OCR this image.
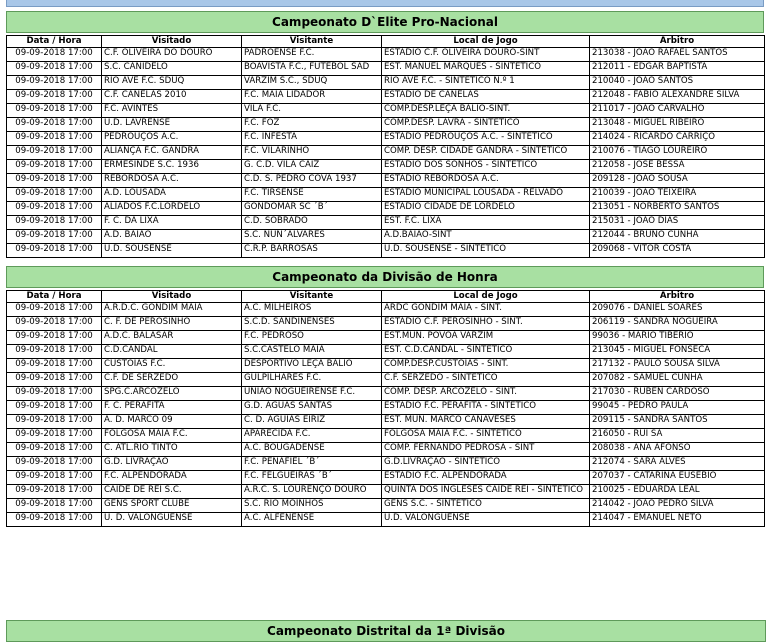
Campeonato D`Elite Pro-Nacional
Data / Hora	Visitado	Visitante	Local de Jogo	Árbitro
09-09-2018 17:00	C.F. OLIVEIRA DO DOURO	PADROENSE F.C.	ESTÁDIO C.F. OLIVEIRA DOURO-SINT	213038 - JOÃO RAFAEL SANTOS
09-09-2018 17:00	S.C. CANIDELO	BOAVISTA F.C., FUTEBOL SAD	EST. MANUEL MARQUES - SINTETICO	212011 - EDGAR BAPTISTA
09-09-2018 17:00	RIO AVE F.C. SDUQ	VARZIM S.C., SDUQ	RIO AVE F.C. - SINTETICO N.º 1	210040 - JOAO SANTOS
09-09-2018 17:00	C.F. CANELAS 2010	F.C. MAIA LIDADOR	ESTÁDIO DE CANELAS	212048 - FABIO ALEXANDRE SILVA
09-09-2018 17:00	F.C. AVINTES	VILA F.C.	COMP.DESP.LEÇA BALIO-SINT.	211017 - JOAO CARVALHO
09-09-2018 17:00	U.D. LAVRENSE	F.C. FOZ	COMP.DESP. LAVRA - SINTETICO	213048 - MIGUEL RIBEIRO
09-09-2018 17:00	PEDROUÇOS A.C.	F.C. INFESTA	ESTÁDIO PEDROUÇOS A.C. - SINTETICO	214024 - RICARDO CARRIÇO
09-09-2018 17:00	ALIANÇA F.C. GANDRA	F.C. VILARINHO	COMP. DESP. CIDADE GANDRA - SINTETICO	210076 - TIAGO LOUREIRO
09-09-2018 17:00	ERMESINDE S.C. 1936	G. C.D. VILA CAIZ	ESTÁDIO DOS SONHOS - SINTETICO	212058 - JOSE BESSA
09-09-2018 17:00	REBORDOSA A.C.	C.D. S. PEDRO COVA 1937	ESTÁDIO REBORDOSA A.C.	209128 - JOAO SOUSA
09-09-2018 17:00	A.D. LOUSADA	F.C. TIRSENSE	ESTÁDIO MUNICIPAL LOUSADA - RELVADO	210039 - JOAO TEIXEIRA
09-09-2018 17:00	ALIADOS F.C.LORDELO	GONDOMAR SC ´B´	ESTÁDIO CIDADE DE LORDELO	213051 - NORBERTO SANTOS
09-09-2018 17:00	F. C. DA LIXA	C.D. SOBRADO	EST. F.C. LIXA	215031 - JOAO DIAS
09-09-2018 17:00	A.D. BAIÃO	S.C. NUN´ÁLVARES	A.D.BAIAO-SINT	212044 - BRUNO CUNHA
09-09-2018 17:00	U.D. SOUSENSE	C.R.P. BARROSAS	U.D. SOUSENSE - SINTETICO	209068 - VITOR COSTA
Campeonato da Divisão de Honra
Data / Hora	Visitado	Visitante	Local de Jogo	Árbitro
09-09-2018 17:00	A.R.D.C. GONDIM MAIA	A.C. MILHEIROS	ARDC GONDIM MAIA - SINT.	209076 - DANIEL SOARES
09-09-2018 17:00	C. F. DE PEROSINHO	S.C.D. SANDINENSES	ESTÁDIO C.F. PEROSINHO - SINT.	206119 - SANDRA NOGUEIRA
09-09-2018 17:00	A.D.C. BALASAR	F.C. PEDROSO	EST.MUN. POVOA VARZIM	99036 - MARIO TIBERIO
09-09-2018 17:00	C.D.CANDAL	S.C.CASTELO MAIA	EST. C.D.CANDAL - SINTETICO	213045 - MIGUEL FONSECA
09-09-2018 17:00	CUSTÓIAS F.C.	DESPORTIVO LEÇA BALIO	COMP.DESP.CUSTOIAS - SINT.	217132 - PAULO SOUSA SILVA
09-09-2018 17:00	C.F. DE SERZEDO	GULPILHARES F.C.	C.F. SERZEDO - SINTETICO	207082 - SAMUEL CUNHA
09-09-2018 17:00	SPG.C.ARCOZELO	UNIAO NOGUEIRENSE F.C.	COMP. DESP. ARCOZELO - SINT.	217030 - RUBEN CARDOSO
09-09-2018 17:00	F. C. PERAFITA	G.D. AGUAS SANTAS	ESTÁDIO F.C. PERAFITA - SINTETICO	99045 - PEDRO PAULA
09-09-2018 17:00	A. D. MARCO 09	C. D. AGUIAS EIRIZ	EST. MUN. MARCO CANAVESES	209115 - SANDRA SANTOS
09-09-2018 17:00	FOLGOSA MAIA F.C.	APARECIDA F.C.	FOLGOSA MAIA F.C. - SINTETICO	216050 - RUI SA
09-09-2018 17:00	C. ATL.RIO TINTO	A.C. BOUGADENSE	COMP. FERNANDO PEDROSA - SINT	208038 - ANA AFONSO
09-09-2018 17:00	G.D. LIVRAÇÃO	F.C. PENAFIEL ´B´	G.D.LIVRAÇÃO - SINTETICO	212074 - SARA ALVES
09-09-2018 17:00	F.C. ALPENDORADA	F.C. FELGUEIRAS ´B´	ESTÁDIO F.C. ALPENDORADA	207037 - CATARINA EUSEBIO
09-09-2018 17:00	CAIDE DE REI S.C.	A.R.C. S. LOURENÇO DOURO	QUINTA DOS INGLESES CAIDE REI - SINTETICO	210025 - EDUARDA LEAL
09-09-2018 17:00	GENS SPORT CLUBE	S.C. RIO MOINHOS	GENS S.C. - SINTETICO	214042 - JOÃO PEDRO SILVA
09-09-2018 17:00	U. D. VALONGUENSE	A.C. ALFENENSE	U.D. VALONGUENSE	214047 - EMANUEL NETO
Campeonato Distrital da 1ª Divisão
